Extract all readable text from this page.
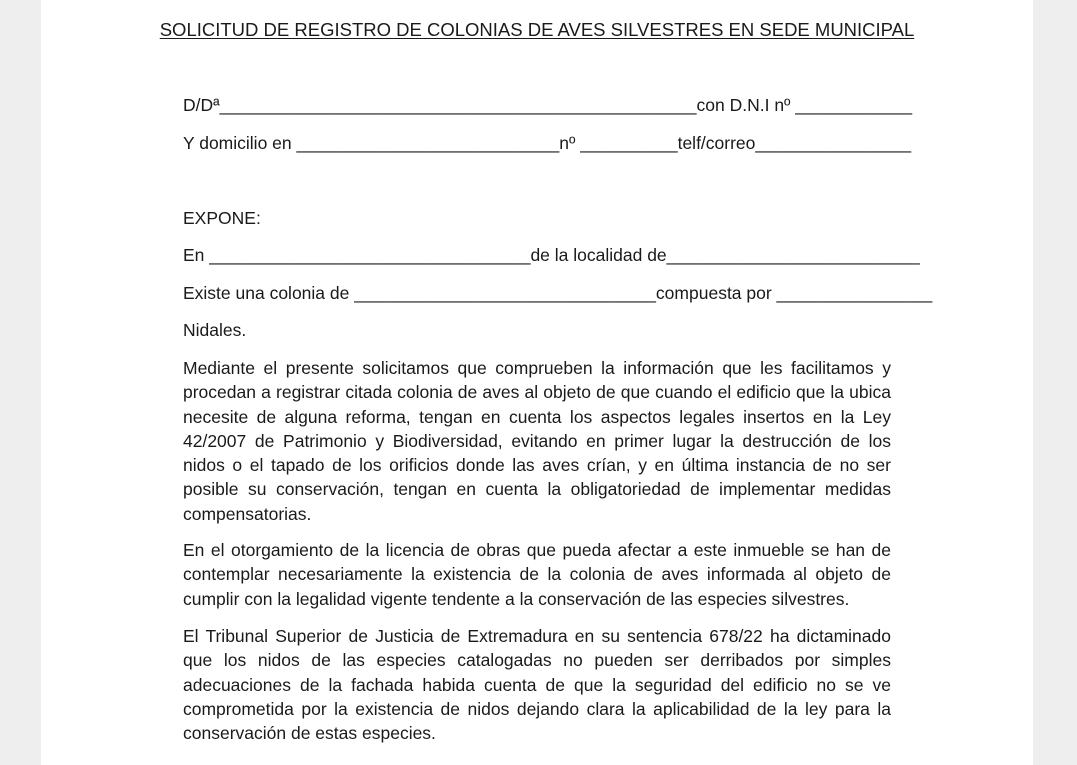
SOLICITUD DE REGISTRO DE COLONIAS DE AVES SILVESTRES EN SEDE MUNICIPAL
D/Dª_________________________________________________con D.N.I nº ____________
Y domicilio en ___________________________nº __________telf/correo________________
EXPONE:
En _________________________________de la localidad de__________________________
Existe una colonia de _______________________________compuesta por ________________
Nidales.

Mediante el presente solicitamos que comprueben la información que les facilitamos y procedan a registrar citada colonia de aves al objeto de que cuando el edificio que la ubica necesite de alguna reforma, tengan en cuenta los aspectos legales insertos en la Ley 42/2007 de Patrimonio y Biodiversidad, evitando en primer lugar la destrucción de los nidos o el tapado de los orificios donde las aves crían, y en última instancia de no ser posible su conservación, tengan en cuenta la obligatoriedad de implementar medidas compensatorias.

En el otorgamiento de la licencia de obras que pueda afectar a este inmueble se han de contemplar necesariamente la existencia de la colonia de aves informada al objeto de cumplir con la legalidad vigente tendente a la conservación de las especies silvestres.

El Tribunal Superior de Justicia de Extremadura en su sentencia 678/22 ha dictaminado que los nidos de las especies catalogadas no pueden ser derribados por simples adecuaciones de la fachada habida cuenta de que la seguridad del edificio no se ve comprometida por la existencia de nidos dejando clara la aplicabilidad de la ley para la conservación de estas especies.
